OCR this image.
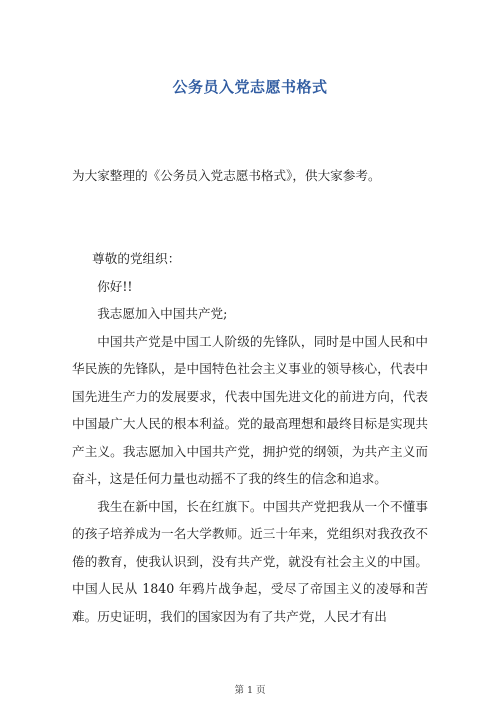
公务员入党志愿书格式
为大家整理的《公务员入党志愿书格式》，供大家参考。

尊敬的党组织：

你好!!

我志愿加入中国共产党;

中国共产党是中国工人阶级的先锋队，同时是中国人民和中华民族的先锋队，是中国特色社会主义事业的领导核心，代表中国先进生产力的发展要求，代表中国先进文化的前进方向，代表中国最广大人民的根本利益。党的最高理想和最终目标是实现共产主义。我志愿加入中国共产党，拥护党的纲领，为共产主义而奋斗，这是任何力量也动摇不了我的终生的信念和追求。

我生在新中国，长在红旗下。中国共产党把我从一个不懂事的孩子培养成为一名大学教师。近三十年来，党组织对我孜孜不倦的教育，使我认识到，没有共产党，就没有社会主义的中国。中国人民从 1840 年鸦片战争起，受尽了帝国主义的凌辱和苦难。历史证明，我们的国家因为有了共产党，人民才有出

第 1 页
